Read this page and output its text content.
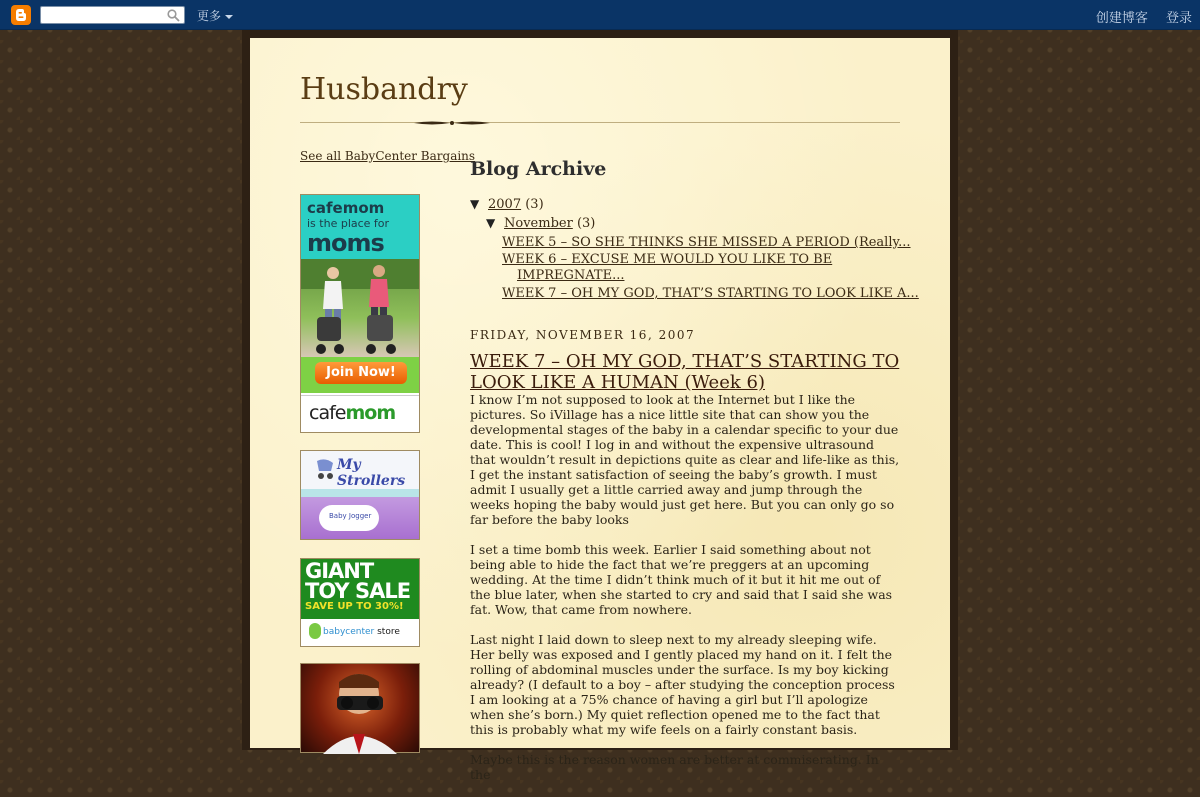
更多	创建博客 登录
Husbandry
See all BabyCenter Bargains
cafemom
is the place for
moms
Join Now!
cafemom
My Strollers
Baby Jogger
GIANT
TOY SALE
SAVE UP TO 30%!
babycenter store
Blog Archive
▼ 2007 (3)
▼ November (3)
WEEK 5 – SO SHE THINKS SHE MISSED A PERIOD (Really...
WEEK 6 – EXCUSE ME WOULD YOU LIKE TO BE
IMPREGNATE...
WEEK 7 – OH MY GOD, THAT’S STARTING TO LOOK LIKE A...
FRIDAY, NOVEMBER 16, 2007
WEEK 7 – OH MY GOD, THAT’S STARTING TO LOOK LIKE A HUMAN (Week 6)

I know I’m not supposed to look at the Internet but I like the pictures. So iVillage has a nice little site that can show you the developmental stages of the baby in a calendar specific to your due date. This is cool! I log in and without the expensive ultrasound that wouldn’t result in depictions quite as clear and life-like as this, I get the instant satisfaction of seeing the baby’s growth. I must admit I usually get a little carried away and jump through the weeks hoping the baby would just get here. But you can only go so far before the baby looks

I set a time bomb this week. Earlier I said something about not being able to hide the fact that we’re preggers at an upcoming wedding. At the time I didn’t think much of it but it hit me out of the blue later, when she started to cry and said that I said she was fat. Wow, that came from nowhere.

Last night I laid down to sleep next to my already sleeping wife. Her belly was exposed and I gently placed my hand on it. I felt the rolling of abdominal muscles under the surface. Is my boy kicking already? (I default to a boy – after studying the conception process I am looking at a 75% chance of having a girl but I’ll apologize when she’s born.) My quiet reflection opened me to the fact that this is probably what my wife feels on a fairly constant basis.

Maybe this is the reason women are better at commiserating. In the
